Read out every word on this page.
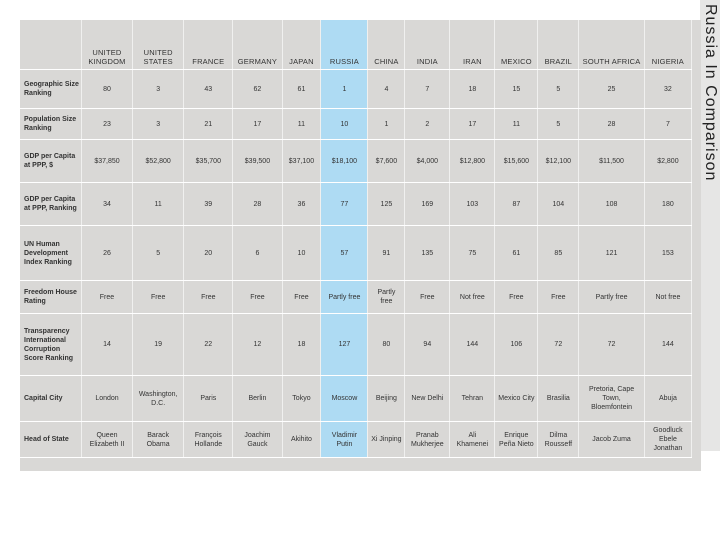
	UNITED KINGDOM	UNITED STATES	FRANCE	GERMANY	JAPAN	RUSSIA	CHINA	INDIA	IRAN	MEXICO	BRAZIL	SOUTH AFRICA	NIGERIA
Geographic Size Ranking	80	3	43	62	61	1	4	7	18	15	5	25	32
Population Size Ranking	23	3	21	17	11	10	1	2	17	11	5	28	7
GDP per Capita at PPP, $	$37,850	$52,800	$35,700	$39,500	$37,100	$18,100	$7,600	$4,000	$12,800	$15,600	$12,100	$11,500	$2,800
GDP per Capita at PPP, Ranking	34	11	39	28	36	77	125	169	103	87	104	108	180
UN Human Development Index Ranking	26	5	20	6	10	57	91	135	75	61	85	121	153
Freedom House Rating	Free	Free	Free	Free	Free	Partly free	Partly free	Free	Not free	Free	Free	Partly free	Not free
Transparency International Corruption Score Ranking	14	19	22	12	18	127	80	94	144	106	72	72	144
Capital City	London	Washington, D.C.	Paris	Berlin	Tokyo	Moscow	Beijing	New Delhi	Tehran	Mexico City	Brasilia	Pretoria, Cape Town, Bloemfontein	Abuja
Head of State	Queen Elizabeth II	Barack Obama	François Hollande	Joachim Gauck	Akihito	Vladimir Putin	Xi Jinping	Pranab Mukherjee	Ali Khamenei	Enrique Peña Nieto	Dilma Rousseff	Jacob Zuma	Goodluck Ebele Jonathan
Russia In Comparison
